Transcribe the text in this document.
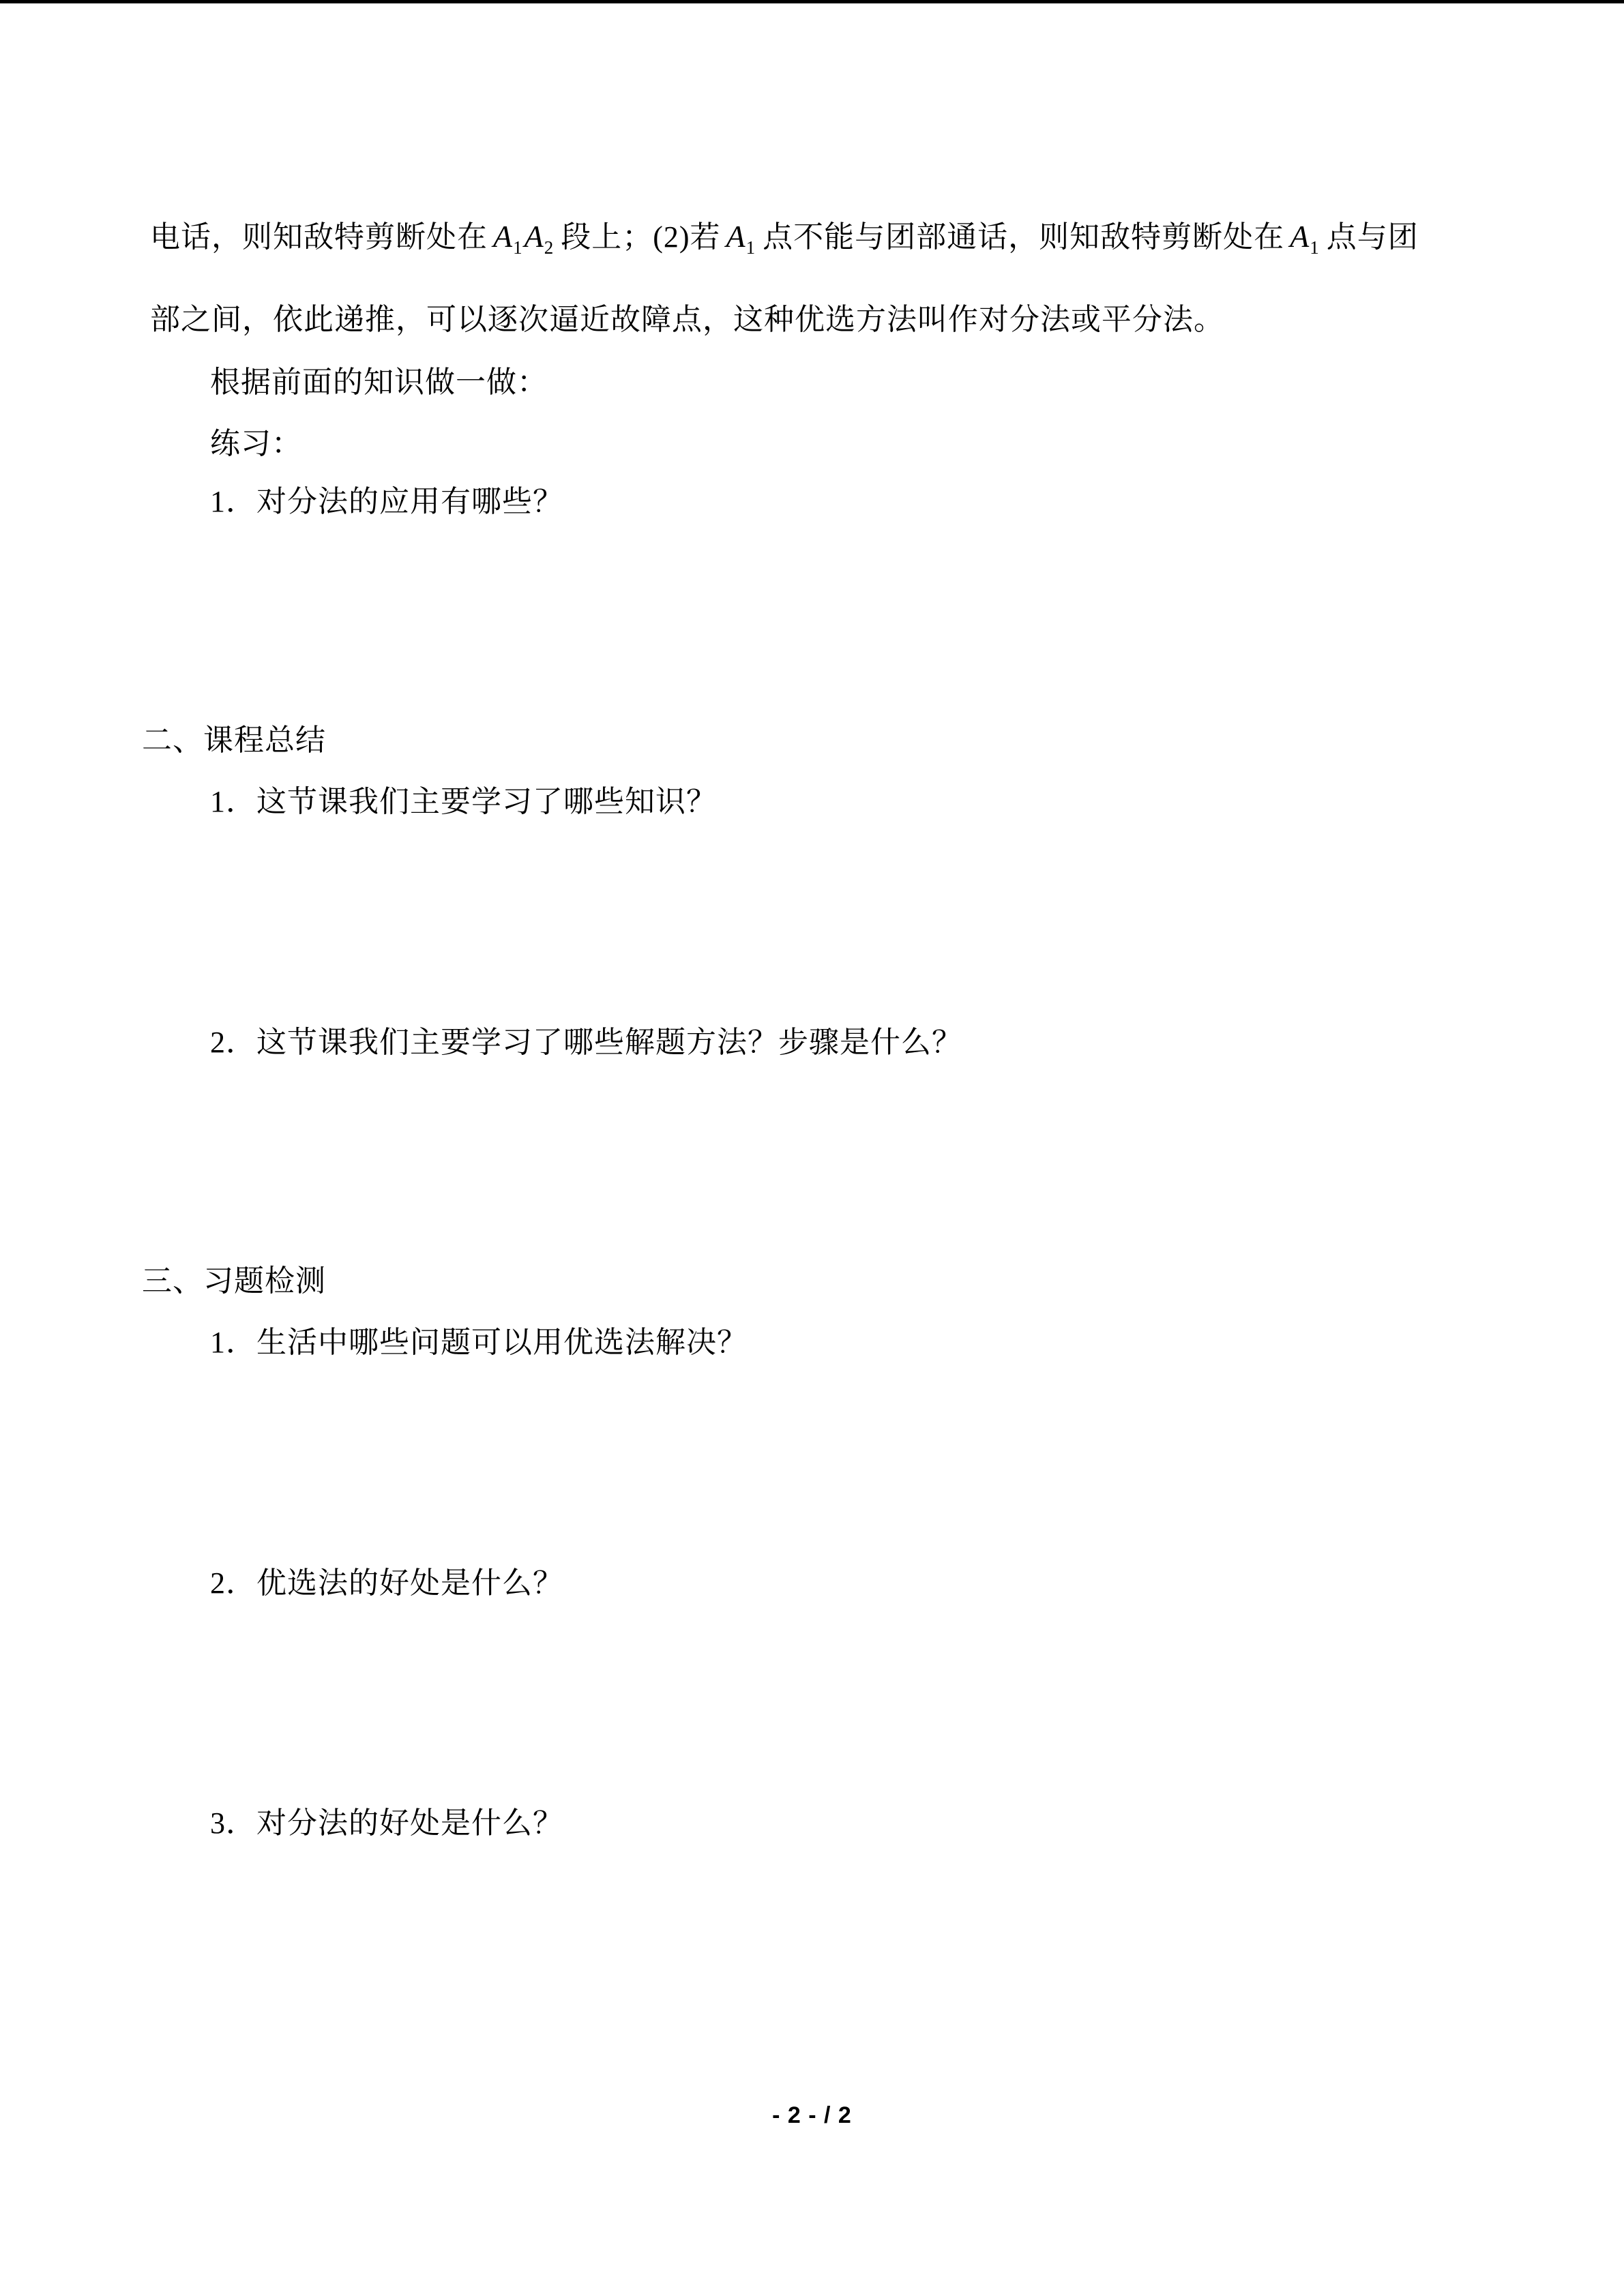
电话，则知敌特剪断处在 $A_1A_2$ 段上；(2)若 $A_1$ 点不能与团部通话，则知敌特剪断处在 $A_1$ 点与团
部之间，依此递推，可以逐次逼近故障点，这种优选方法叫作对分法或平分法。
根据前面的知识做一做：
练习：
1．对分法的应用有哪些？
二、课程总结
1．这节课我们主要学习了哪些知识？
2．这节课我们主要学习了哪些解题方法？步骤是什么？
三、习题检测
1．生活中哪些问题可以用优选法解决？
2．优选法的好处是什么？
3．对分法的好处是什么？
- 2 - / 2
